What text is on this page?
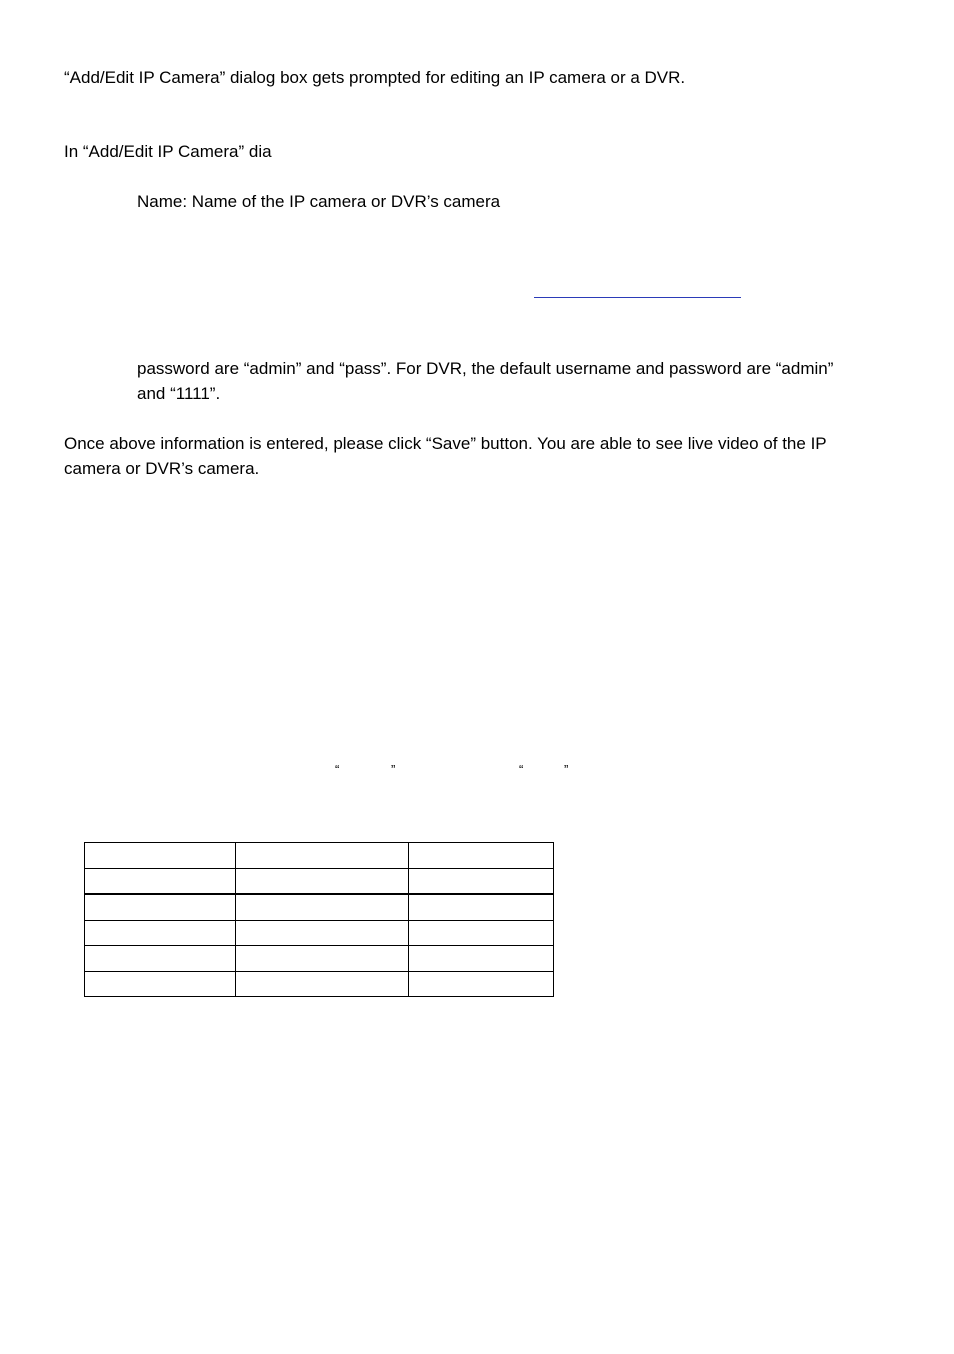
“Add/Edit IP Camera” dialog box gets prompted for editing an IP camera or a DVR.

In “Add/Edit IP Camera” dia

Name: Name of the IP camera or DVR’s camera

password are “admin” and “pass”. For DVR, the default username and password are “admin”

and “1111”.

Once above information is entered, please click “Save” button. You are able to see live video of the IP

camera or DVR’s camera.

“	”	“	”
